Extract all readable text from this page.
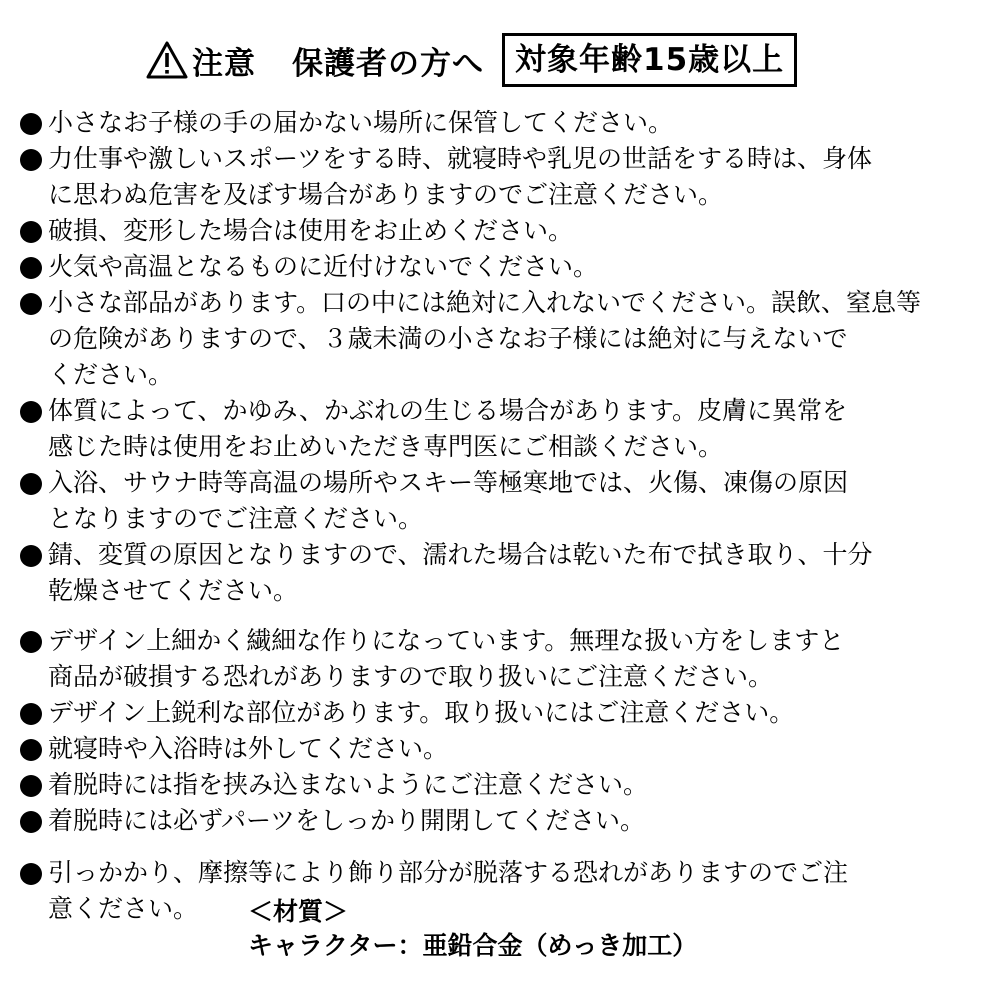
注意 保護者の方へ	対象年齢15歳以上
小さなお子様の手の届かない場所に保管してください。
力仕事や激しいスポーツをする時、就寝時や乳児の世話をする時は、身体
に思わぬ危害を及ぼす場合がありますのでご注意ください。
破損、変形した場合は使用をお止めください。
火気や高温となるものに近付けないでください。
小さな部品があります。口の中には絶対に入れないでください。誤飲、窒息等
の危険がありますので、３歳未満の小さなお子様には絶対に与えないで
ください。
体質によって、かゆみ、かぶれの生じる場合があります。皮膚に異常を
感じた時は使用をお止めいただき専門医にご相談ください。
入浴、サウナ時等高温の場所やスキー等極寒地では、火傷、凍傷の原因
となりますのでご注意ください。
錆、変質の原因となりますので、濡れた場合は乾いた布で拭き取り、十分
乾燥させてください。
デザイン上細かく繊細な作りになっています。無理な扱い方をしますと
商品が破損する恐れがありますので取り扱いにご注意ください。
デザイン上鋭利な部位があります。取り扱いにはご注意ください。
就寝時や入浴時は外してください。
着脱時には指を挟み込まないようにご注意ください。
着脱時には必ずパーツをしっかり開閉してください。
引っかかり、摩擦等により飾り部分が脱落する恐れがありますのでご注
意ください。	＜材質＞
キャラクター：亜鉛合金（めっき加工）
